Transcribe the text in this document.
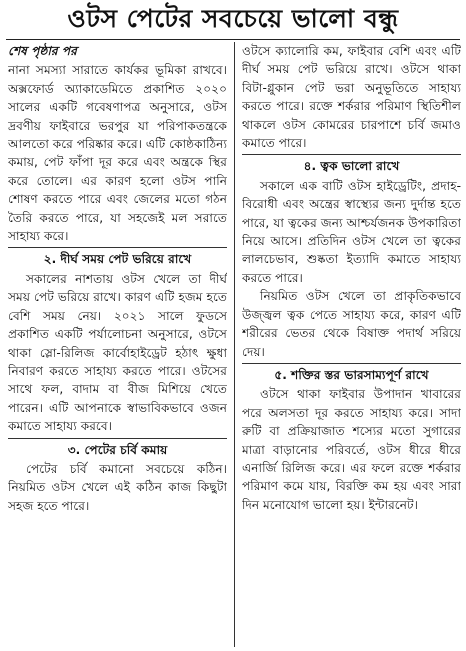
ওটস পেটের সবচেয়ে ভালো বন্ধু
শেষ পৃষ্ঠার পর

নানা সমস্যা সারাতে কার্যকর ভূমিকা রাখবে। অক্সফোর্ড অ্যাকাডেমিতে প্রকাশিত ২০২০ সালের একটি গবেষণাপত্র অনুসারে, ওটস দ্রবণীয় ফাইবারে ভরপুর যা পরিপাকতন্ত্রকে আলতো করে পরিষ্কার করে। এটি কোষ্ঠকাঠিন্য কমায়, পেট ফাঁপা দূর করে এবং অন্ত্রকে স্থির করে তোলে। এর কারণ হলো ওটস পানি শোষণ করতে পারে এবং জেলের মতো গঠন তৈরি করতে পারে, যা সহজেই মল সরাতে সাহায্য করে।

২. দীর্ঘ সময় পেট ভরিয়ে রাখে

সকালের নাশতায় ওটস খেলে তা দীর্ঘ সময় পেট ভরিয়ে রাখে। কারণ এটি হজম হতে বেশি সময় নেয়। ২০২১ সালে ফুডসে প্রকাশিত একটি পর্যালোচনা অনুসারে, ওটসে থাকা স্লো-রিলিজ কার্বোহাইড্রেট হঠাৎ ক্ষুধা নিবারণ করতে সাহায্য করতে পারে। ওটসের সাথে ফল, বাদাম বা বীজ মিশিয়ে খেতে পারেন। এটি আপনাকে স্বাভাবিকভাবে ওজন কমাতে সাহায্য করবে।

৩. পেটের চর্বি কমায়

পেটের চর্বি কমানো সবচেয়ে কঠিন। নিয়মিত ওটস খেলে এই কঠিন কাজ কিছুটা সহজ হতে পারে।

ওটসে ক্যালোরি কম, ফাইবার বেশি এবং এটি দীর্ঘ সময় পেট ভরিয়ে রাখে। ওটসে থাকা বিটা-গ্লুকান পেট ভরা অনুভূতিতে সাহায্য করতে পারে। রক্তে শর্করার পরিমাণ স্থিতিশীল থাকলে ওটস কোমরের চারপাশে চর্বি জমাও কমাতে পারে।

৪. ত্বক ভালো রাখে

সকালে এক বাটি ওটস হাইড্রেটিং, প্রদাহ-বিরোধী এবং অন্ত্রের স্বাস্থ্যের জন্য দুর্দান্ত হতে পারে, যা ত্বকের জন্য আশ্চর্যজনক উপকারিতা নিয়ে আসে। প্রতিদিন ওটস খেলে তা ত্বকের লালচেভাব, শুষ্কতা ইত্যাদি কমাতে সাহায্য করতে পারে।

নিয়মিত ওটস খেলে তা প্রাকৃতিকভাবে উজ্জ্বল ত্বক পেতে সাহায্য করে, কারণ এটি শরীরের ভেতর থেকে বিষাক্ত পদার্থ সরিয়ে দেয়।

৫. শক্তির স্তর ভারসাম্যপূর্ণ রাখে

ওটসে থাকা ফাইবার উপাদান খাবারের পরে অলসতা দূর করতে সাহায্য করে। সাদা রুটি বা প্রক্রিয়াজাত শস্যের মতো সুগারের মাত্রা বাড়ানোর পরিবর্তে, ওটস ধীরে ধীরে এনার্জি রিলিজ করে। এর ফলে রক্তে শর্করার পরিমাণ কমে যায়, বিরক্তি কম হয় এবং সারা দিন মনোযোগ ভালো হয়। ইন্টারনেট।
